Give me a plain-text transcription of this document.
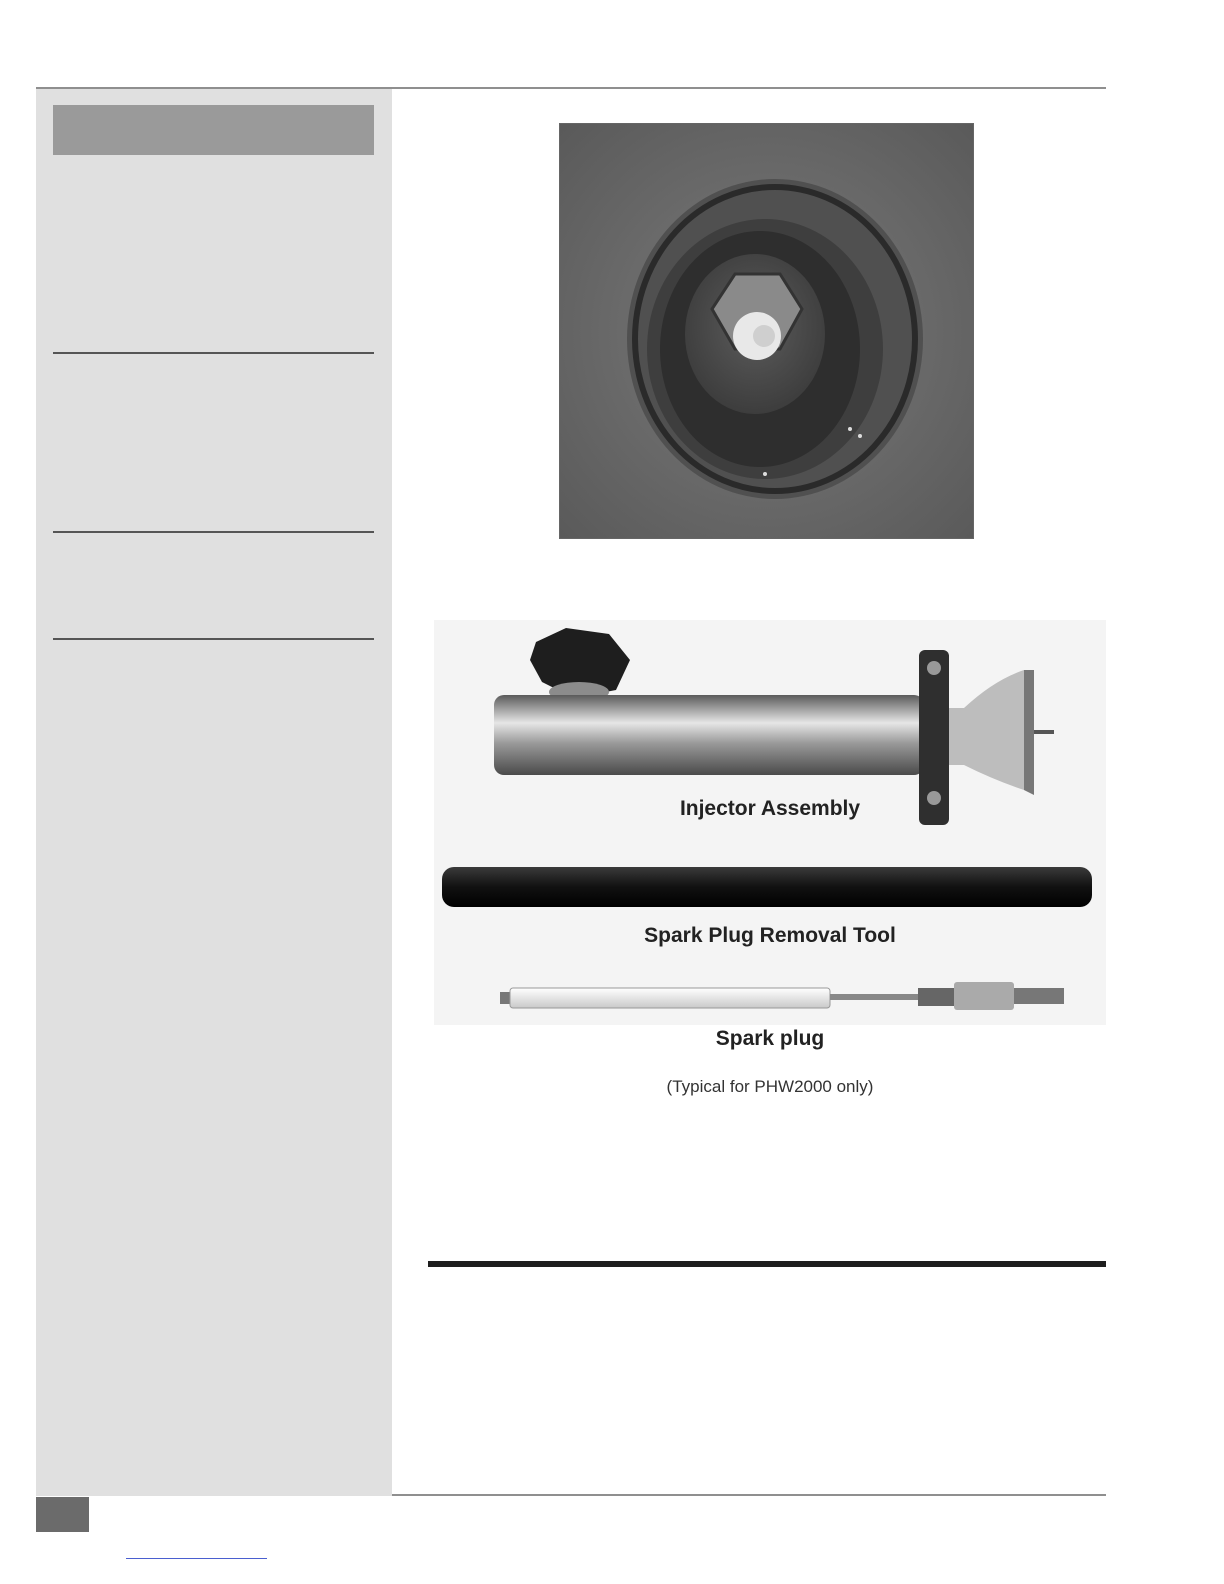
Injector Assembly
Spark Plug Removal Tool
Spark plug
(Typical for PHW2000 only)
